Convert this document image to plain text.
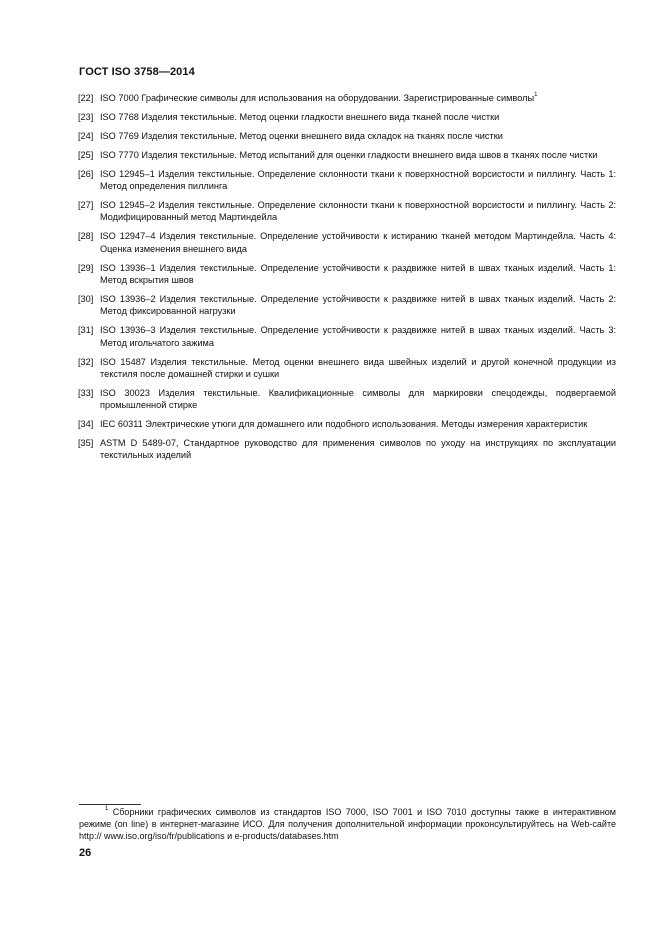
ГОСТ ISO 3758—2014
[22] ISO 7000 Графические символы для использования на оборудовании. Зарегистрированные символы$^1$
[23] ISO 7768 Изделия текстильные. Метод оценки гладкости внешнего вида тканей после чистки
[24] ISO 7769 Изделия текстильные. Метод оценки внешнего вида складок на тканях после чистки
[25] ISO 7770 Изделия текстильные. Метод испытаний для оценки гладкости внешнего вида швов в тканях после чистки
[26] ISO 12945–1 Изделия текстильные. Определение склонности ткани к поверхностной ворсистости и пиллингу. Часть 1: Метод определения пиллинга
[27] ISO 12945–2 Изделия текстильные. Определение склонности ткани к поверхностной ворсистости и пиллингу. Часть 2: Модифицированный метод Мартиндейла
[28] ISO 12947–4 Изделия текстильные. Определение устойчивости к истиранию тканей методом Мартиндейла. Часть 4: Оценка изменения внешнего вида
[29] ISO 13936–1 Изделия текстильные. Определение устойчивости к раздвижке нитей в швах тканых изделий. Часть 1: Метод вскрытия швов
[30] ISO 13936–2 Изделия текстильные. Определение устойчивости к раздвижке нитей в швах тканых изделий. Часть 2: Метод фиксированной нагрузки
[31] ISO 13936–3 Изделия текстильные. Определение устойчивости к раздвижке нитей в швах тканых изделий. Часть 3: Метод игольчатого зажима
[32] ISO 15487 Изделия текстильные. Метод оценки внешнего вида швейных изделий и другой конечной продукции из текстиля после домашней стирки и сушки
[33] ISO 30023 Изделия текстильные. Квалификационные символы для маркировки спецодежды, подвергаемой промышленной стирке
[34] IEC 60311 Электрические утюги для домашнего или подобного использования. Методы измерения характеристик
[35] ASTM D 5489-07, Стандартное руководство для применения символов по уходу на инструкциях по эксплуатации текстильных изделий
$^1$ Сборники графических символов из стандартов ISO 7000, ISO 7001 и ISO 7010 доступны также в интерактивном режиме (on line) в интернет-магазине ИСО. Для получения дополнительной информации проконсультируйтесь на Web-сайте http:// www.iso.org/iso/fr/publications и e-products/databases.htm
26
